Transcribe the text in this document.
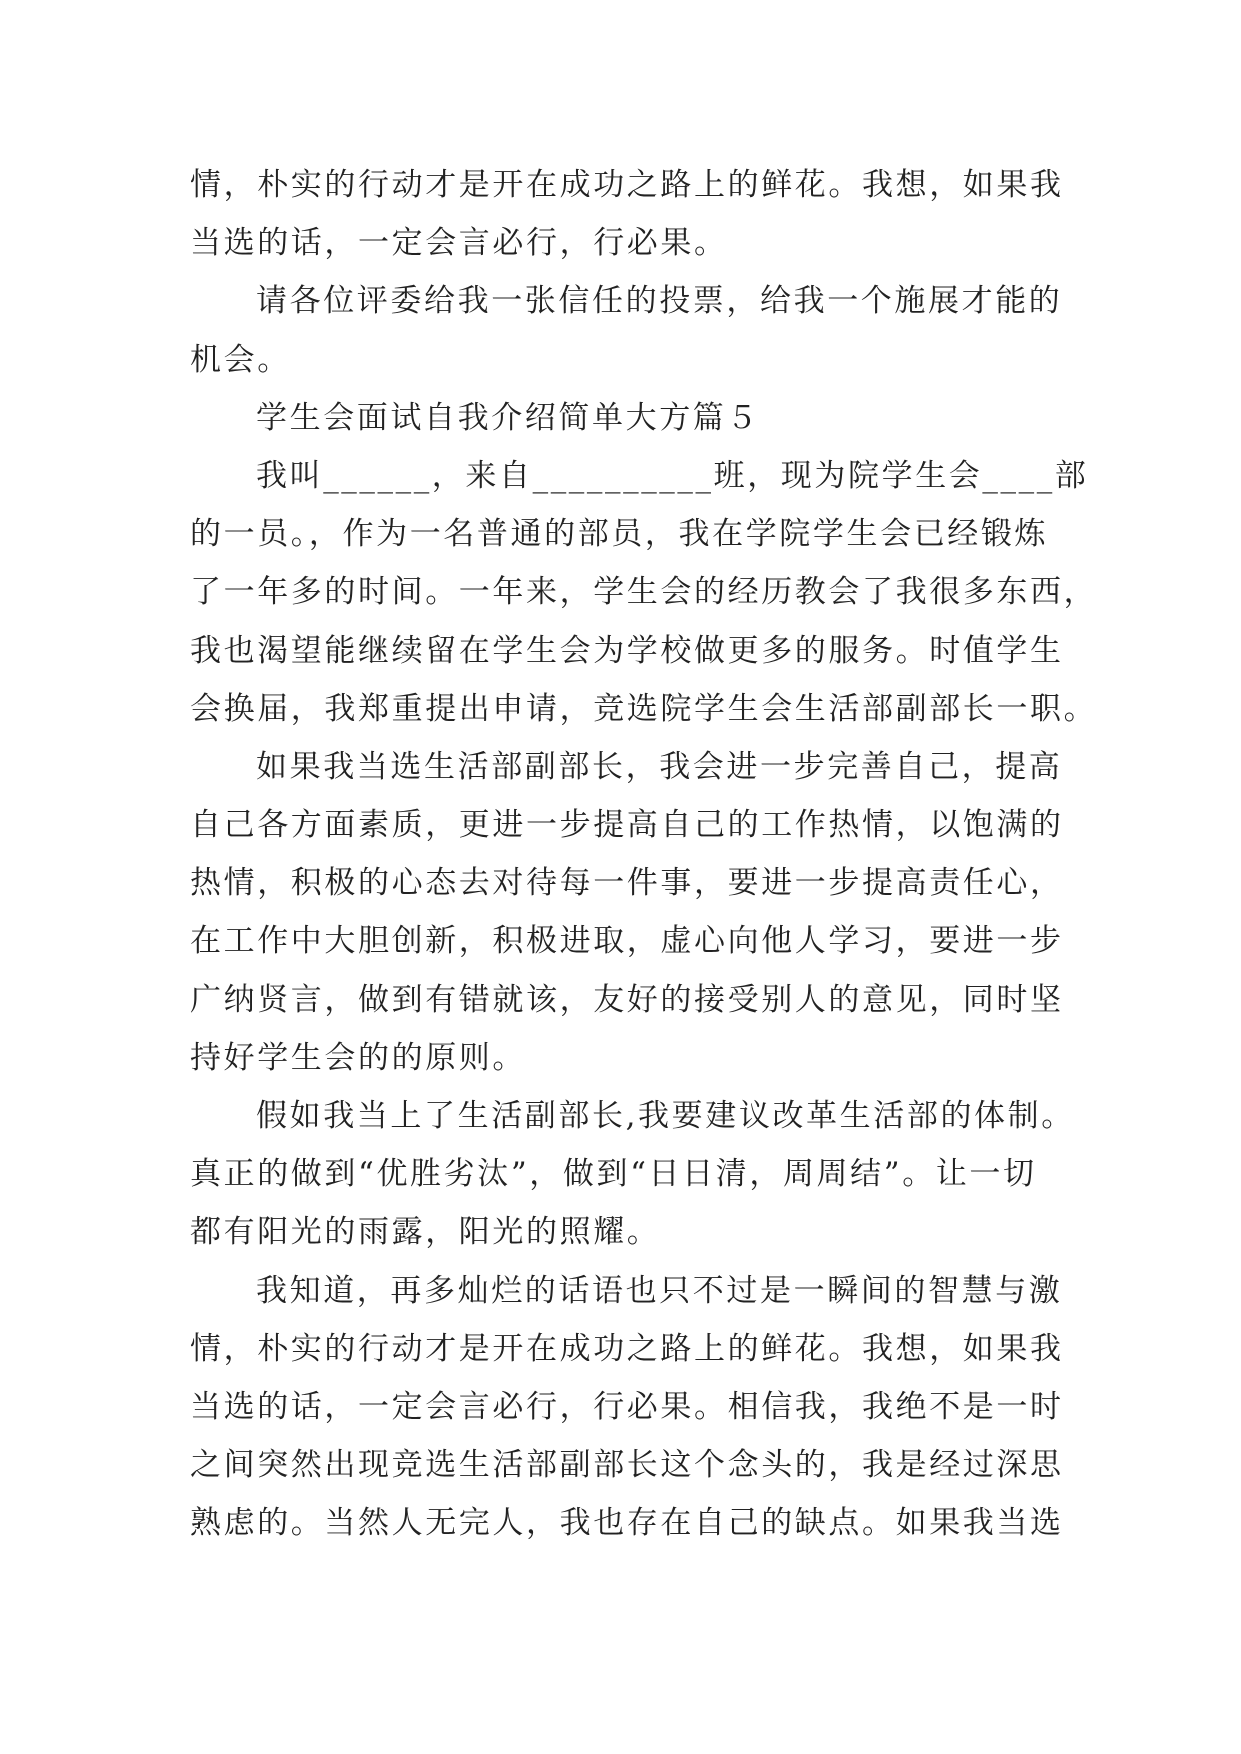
情，朴实的行动才是开在成功之路上的鲜花。我想，如果我
当选的话，一定会言必行，行必果。
请各位评委给我一张信任的投票，给我一个施展才能的
机会。
学生会面试自我介绍简单大方篇５
我叫______，来自__________班，现为院学生会____部
的一员。，作为一名普通的部员，我在学院学生会已经锻炼
了一年多的时间。一年来，学生会的经历教会了我很多东西，
我也渴望能继续留在学生会为学校做更多的服务。时值学生
会换届，我郑重提出申请，竞选院学生会生活部副部长一职。
如果我当选生活部副部长，我会进一步完善自己，提高
自己各方面素质，更进一步提高自己的工作热情，以饱满的
热情，积极的心态去对待每一件事，要进一步提高责任心，
在工作中大胆创新，积极进取，虚心向他人学习，要进一步
广纳贤言，做到有错就该，友好的接受别人的意见，同时坚
持好学生会的的原则。
假如我当上了生活副部长,我要建议改革生活部的体制。
真正的做到“优胜劣汰”，做到“日日清，周周结”。让一切
都有阳光的雨露，阳光的照耀。
我知道，再多灿烂的话语也只不过是一瞬间的智慧与激
情，朴实的行动才是开在成功之路上的鲜花。我想，如果我
当选的话，一定会言必行，行必果。相信我，我绝不是一时
之间突然出现竞选生活部副部长这个念头的，我是经过深思
熟虑的。当然人无完人，我也存在自己的缺点。如果我当选
